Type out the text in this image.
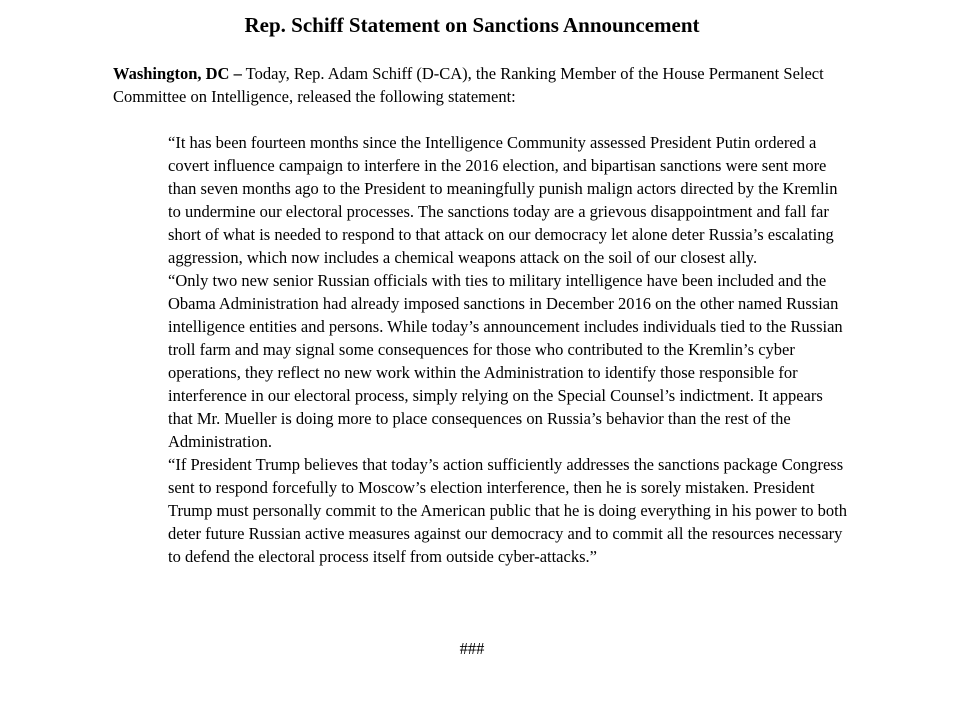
Rep. Schiff Statement on Sanctions Announcement

Washington, DC – Today, Rep. Adam Schiff (D-CA), the Ranking Member of the House Permanent Select Committee on Intelligence, released the following statement:

“It has been fourteen months since the Intelligence Community assessed President Putin ordered a covert influence campaign to interfere in the 2016 election, and bipartisan sanctions were sent more than seven months ago to the President to meaningfully punish malign actors directed by the Kremlin to undermine our electoral processes. The sanctions today are a grievous disappointment and fall far short of what is needed to respond to that attack on our democracy let alone deter Russia’s escalating aggression, which now includes a chemical weapons attack on the soil of our closest ally.

“Only two new senior Russian officials with ties to military intelligence have been included and the Obama Administration had already imposed sanctions in December 2016 on the other named Russian intelligence entities and persons. While today’s announcement includes individuals tied to the Russian troll farm and may signal some consequences for those who contributed to the Kremlin’s cyber operations, they reflect no new work within the Administration to identify those responsible for interference in our electoral process, simply relying on the Special Counsel’s indictment. It appears that Mr. Mueller is doing more to place consequences on Russia’s behavior than the rest of the Administration.

“If President Trump believes that today’s action sufficiently addresses the sanctions package Congress sent to respond forcefully to Moscow’s election interference, then he is sorely mistaken. President Trump must personally commit to the American public that he is doing everything in his power to both deter future Russian active measures against our democracy and to commit all the resources necessary to defend the electoral process itself from outside cyber-attacks.”

###
